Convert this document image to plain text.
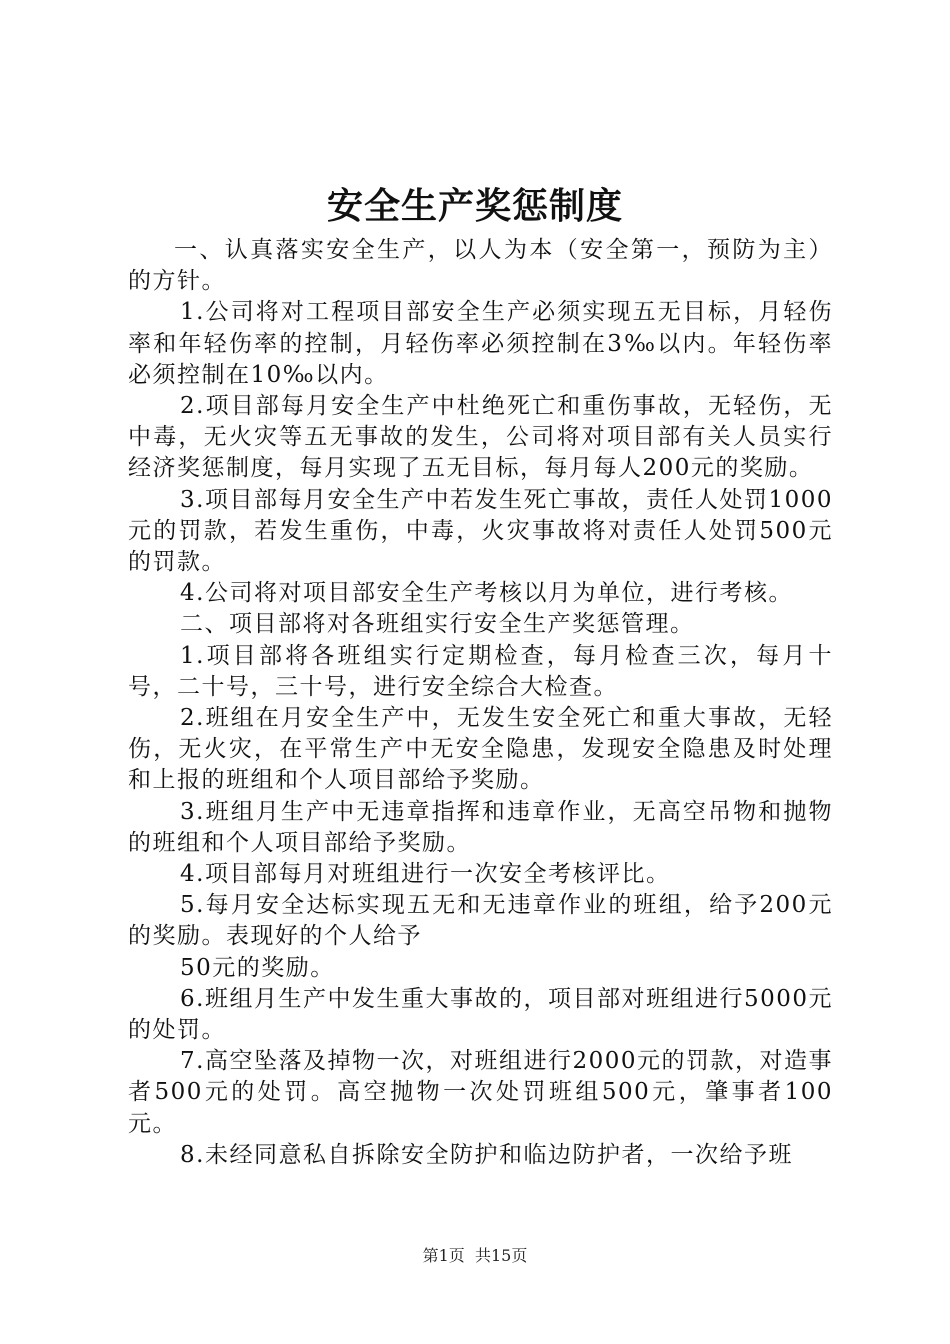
安全生产奖惩制度

一、认真落实安全生产，以人为本（安全第一，预防为主）的方针。

1.公司将对工程项目部安全生产必须实现五无目标，月轻伤率和年轻伤率的控制，月轻伤率必须控制在3‰以内。年轻伤率必须控制在10‰以内。

2.项目部每月安全生产中杜绝死亡和重伤事故，无轻伤，无中毒，无火灾等五无事故的发生，公司将对项目部有关人员实行经济奖惩制度，每月实现了五无目标，每月每人200元的奖励。

3.项目部每月安全生产中若发生死亡事故，责任人处罚1000元的罚款，若发生重伤，中毒，火灾事故将对责任人处罚500元的罚款。

4.公司将对项目部安全生产考核以月为单位，进行考核。

二、项目部将对各班组实行安全生产奖惩管理。

1.项目部将各班组实行定期检查，每月检查三次，每月十号，二十号，三十号，进行安全综合大检查。

2.班组在月安全生产中，无发生安全死亡和重大事故，无轻伤，无火灾，在平常生产中无安全隐患，发现安全隐患及时处理和上报的班组和个人项目部给予奖励。

3.班组月生产中无违章指挥和违章作业，无高空吊物和抛物的班组和个人项目部给予奖励。

4.项目部每月对班组进行一次安全考核评比。

5.每月安全达标实现五无和无违章作业的班组，给予200元的奖励。表现好的个人给予

50元的奖励。

6.班组月生产中发生重大事故的，项目部对班组进行5000元的处罚。

7.高空坠落及掉物一次，对班组进行2000元的罚款，对造事者500元的处罚。高空抛物一次处罚班组500元，肇事者100元。

8.未经同意私自拆除安全防护和临边防护者，一次给予班

第1页 共15页
